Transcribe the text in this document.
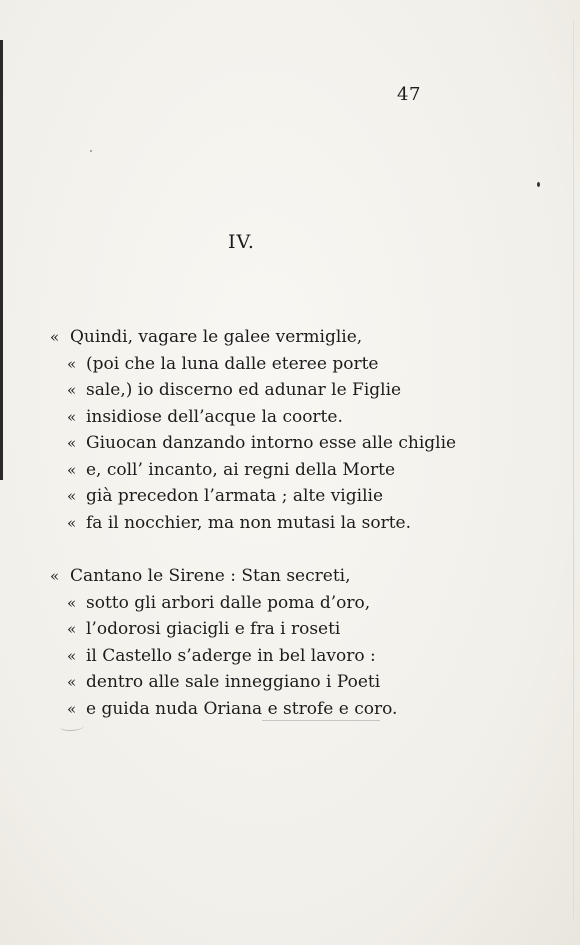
47
IV.
« Quindi, vagare le galee vermiglie,
« (poi che la luna dalle eteree porte
« sale,) io discerno ed adunar le Figlie
« insidiose dell’acque la coorte.
« Giuocan danzando intorno esse alle chiglie
« e, coll’ incanto, ai regni della Morte
« già precedon l’armata ; alte vigilie
« fa il nocchier, ma non mutasi la sorte.
« Cantano le Sirene : Stan secreti,
« sotto gli arbori dalle poma d’oro,
« l’odorosi giacigli e fra i roseti
« il Castello s’aderge in bel lavoro :
« dentro alle sale inneggiano i Poeti
« e guida nuda Oriana e strofe e coro.
